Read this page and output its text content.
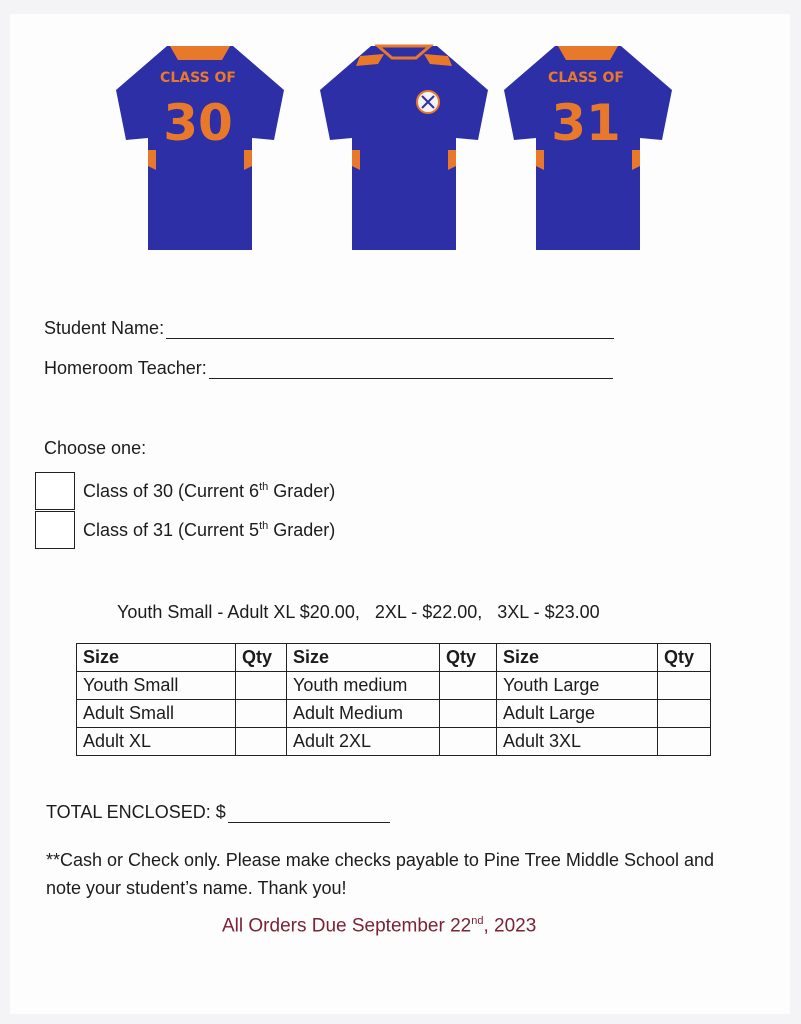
CLASS OF
30
CLASS OF
31
Student Name:
Homeroom Teacher:
Choose one:
Class of 30 (Current 6th Grader)
Class of 31 (Current 5th Grader)
Youth Small - Adult XL $20.00,   2XL - $22.00,   3XL - $23.00
Size	Qty	Size	Qty	Size	Qty
Youth Small		Youth medium		Youth Large	
Adult Small		Adult Medium		Adult Large	
Adult XL		Adult 2XL		Adult 3XL	
TOTAL ENCLOSED: $
**Cash or Check only. Please make checks payable to Pine Tree Middle School and note your student’s name. Thank you!
All Orders Due September 22nd, 2023
